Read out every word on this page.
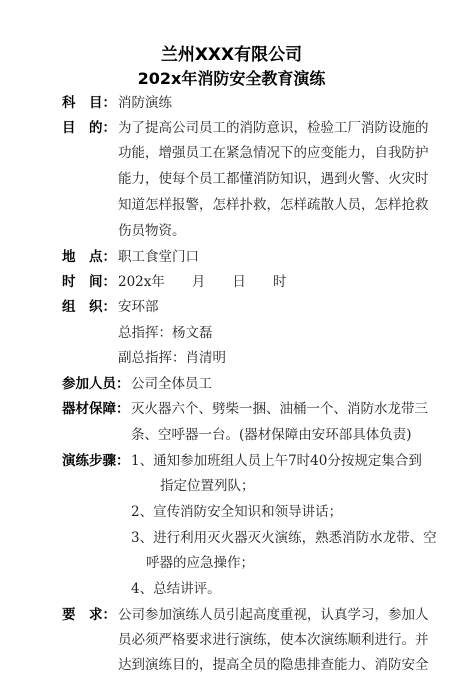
兰州XXX有限公司
202x年消防安全教育演练
科　目： 消防演练
目　的： 为了提高公司员工的消防意识，检验工厂消防设施的
功能，增强员工在紧急情况下的应变能力，自我防护
能力，使每个员工都懂消防知识，遇到火警、火灾时
知道怎样报警，怎样扑救，怎样疏散人员，怎样抢救
伤员物资。
地　点： 职工食堂门口
时　间： 202x年　　月　　日　　时
组　织： 安环部
总指挥：杨文磊
副总指挥：肖清明
参加人员： 公司全体员工
器材保障： 灭火器六个、劈柴一捆、油桶一个、消防水龙带三
条、空呼器一台。(器材保障由安环部具体负责)
演练步骤： 1、通知参加班组人员上午7时40分按规定集合到
指定位置列队；
2、宣传消防安全知识和领导讲话；
3、进行利用灭火器灭火演练，熟悉消防水龙带、空
呼器的应急操作；
4、总结讲评。
要　求： 公司参加演练人员引起高度重视，认真学习，参加人
员必须严格要求进行演练，使本次演练顺利进行。并
达到演练目的，提高全员的隐患排查能力、消防安全
